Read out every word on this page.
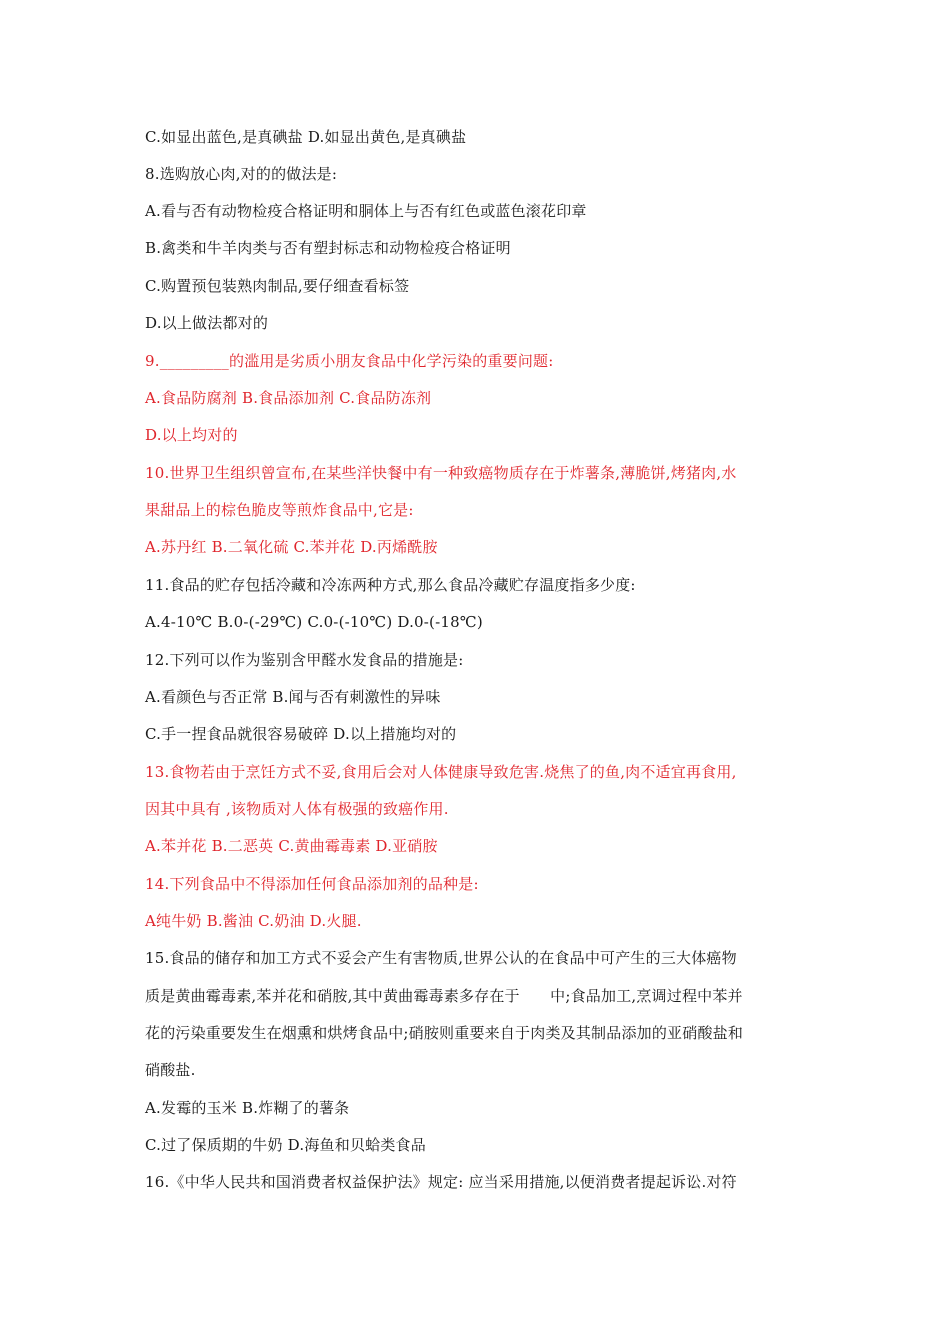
C.如显出蓝色,是真碘盐 D.如显出黄色,是真碘盐
8.选购放心肉,对的的做法是:
A.看与否有动物检疫合格证明和胴体上与否有红色或蓝色滚花印章
B.禽类和牛羊肉类与否有塑封标志和动物检疫合格证明
C.购置预包装熟肉制品,要仔细查看标签
D.以上做法都对的
9._________的滥用是劣质小朋友食品中化学污染的重要问题:
A.食品防腐剂 B.食品添加剂 C.食品防冻剂
D.以上均对的
10.世界卫生组织曾宣布,在某些洋快餐中有一种致癌物质存在于炸薯条,薄脆饼,烤猪肉,水
果甜品上的棕色脆皮等煎炸食品中,它是:
A.苏丹红 B.二氧化硫 C.苯并花 D.丙烯酰胺
11.食品的贮存包括冷藏和冷冻两种方式,那么食品冷藏贮存温度指多少度:
A.4-10℃ B.0-(-29℃) C.0-(-10℃) D.0-(-18℃)
12.下列可以作为鉴别含甲醛水发食品的措施是:
A.看颜色与否正常 B.闻与否有刺激性的异味
C.手一捏食品就很容易破碎 D.以上措施均对的
13.食物若由于烹饪方式不妥,食用后会对人体健康导致危害.烧焦了的鱼,肉不适宜再食用,
因其中具有 ,该物质对人体有极强的致癌作用.
A.苯并花 B.二恶英 C.黄曲霉毒素 D.亚硝胺
14.下列食品中不得添加任何食品添加剂的品种是:
A纯牛奶 B.酱油 C.奶油 D.火腿.
15.食品的储存和加工方式不妥会产生有害物质,世界公认的在食品中可产生的三大体癌物
质是黄曲霉毒素,苯并花和硝胺,其中黄曲霉毒素多存在于　　中;食品加工,烹调过程中苯并
花的污染重要发生在烟熏和烘烤食品中;硝胺则重要来自于肉类及其制品添加的亚硝酸盐和
硝酸盐.
A.发霉的玉米 B.炸糊了的薯条
C.过了保质期的牛奶 D.海鱼和贝蛤类食品
16.《中华人民共和国消费者权益保护法》规定: 应当采用措施,以便消费者提起诉讼.对符
